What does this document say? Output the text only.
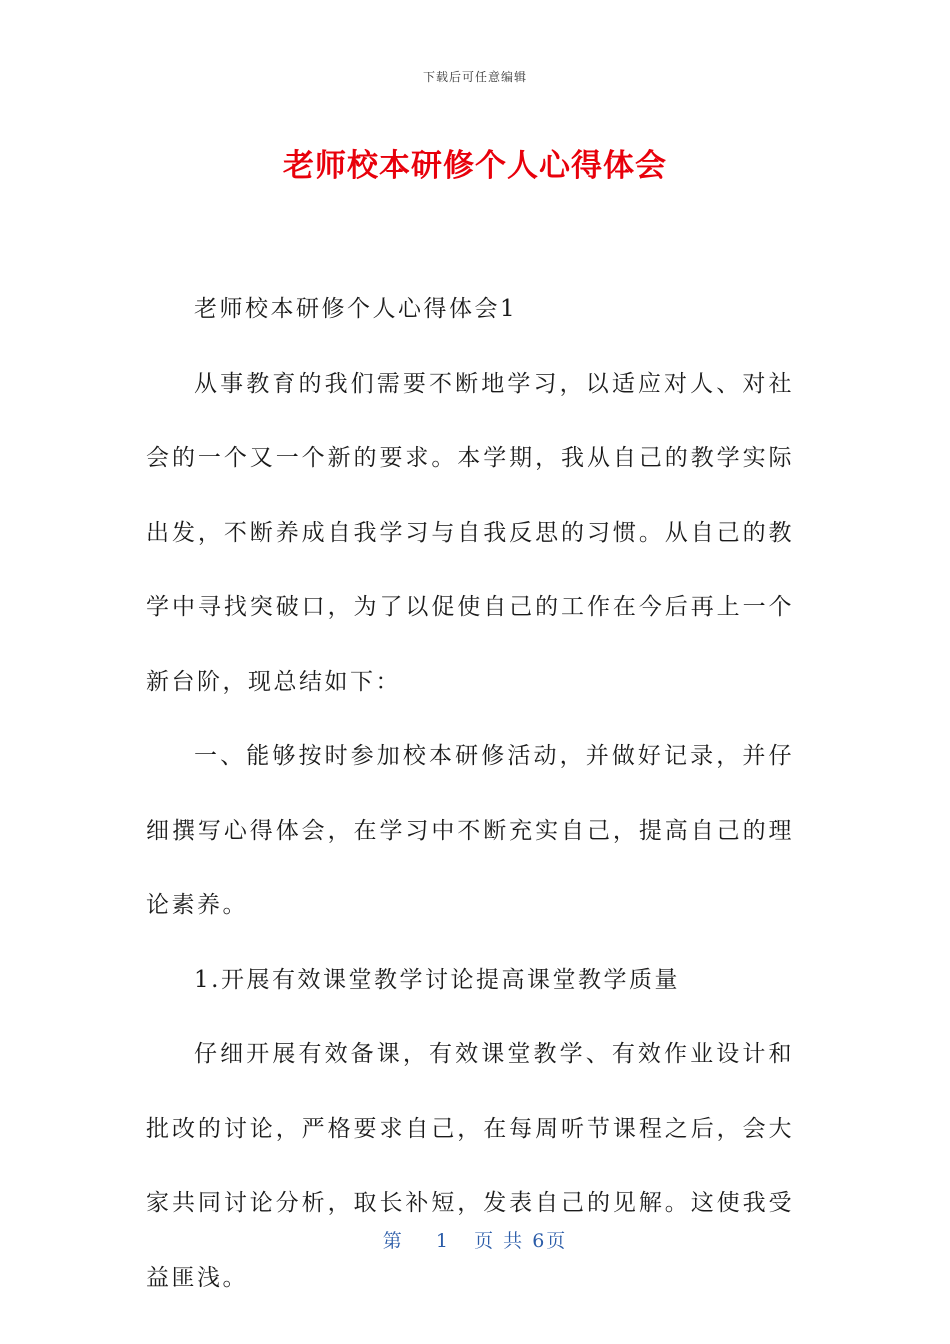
下载后可任意编辑
老师校本研修个人心得体会

老师校本研修个人心得体会1

从事教育的我们需要不断地学习，以适应对人、对社会的一个又一个新的要求。本学期，我从自己的教学实际出发，不断养成自我学习与自我反思的习惯。从自己的教学中寻找突破口，为了以促使自己的工作在今后再上一个新台阶，现总结如下：

一、能够按时参加校本研修活动，并做好记录，并仔细撰写心得体会，在学习中不断充实自己，提高自己的理论素养。

1.开展有效课堂教学讨论提高课堂教学质量

仔细开展有效备课，有效课堂教学、有效作业设计和批改的讨论，严格要求自己，在每周听节课程之后，会大家共同讨论分析，取长补短，发表自己的见解。这使我受益匪浅。

第 1 页 共 6页
